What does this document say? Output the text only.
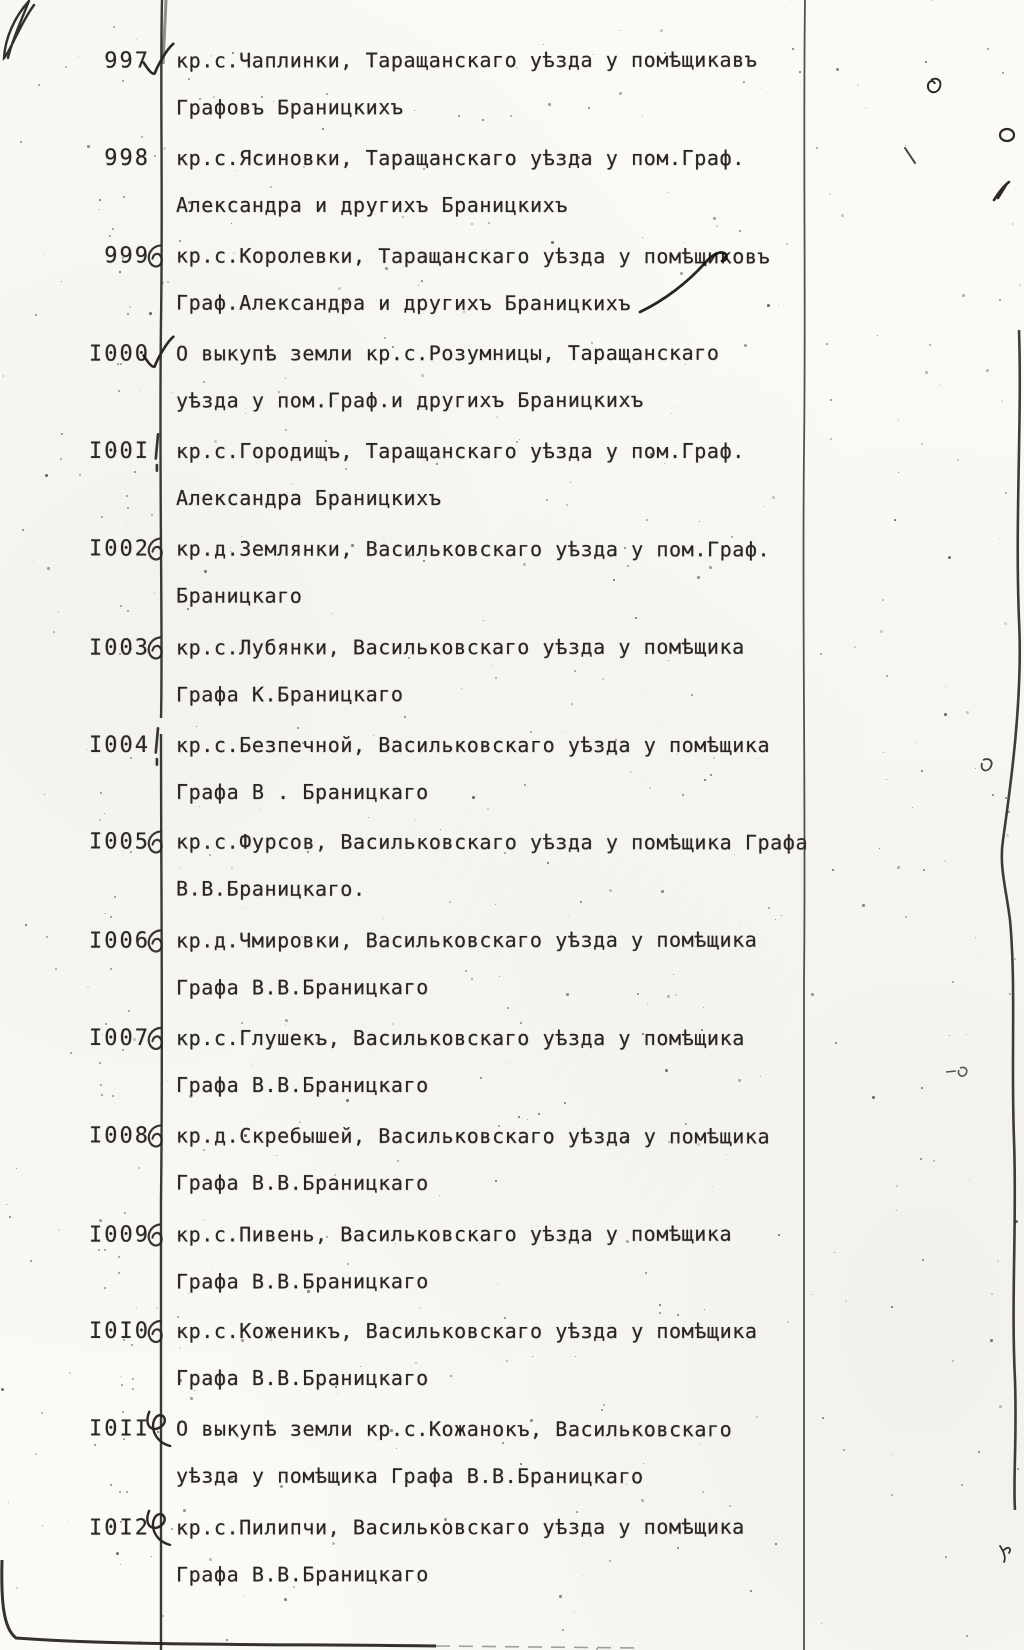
997 кр.с.Чаплинки, Таращанскаго уѣзда у помѣщикавъ
Графовъ Браницкихъ
998 кр.с.Ясиновки, Таращанскаго уѣзда у пом.Граф.
Александра и другихъ Браницкихъ
999 кр.с.Королевки, Таращанскаго уѣзда у помѣщиковъ
Граф.Александра и другихъ Браницкихъ
I000 О выкупѣ земли кр.с.Розумницы, Таращанскаго
уѣзда у пом.Граф.и другихъ Браницкихъ
I00I кр.с.Городищъ, Таращанскаго уѣзда у пом.Граф.
Александра Браницкихъ
I002 кр.д.Землянки, Васильковскаго уѣзда у пом.Граф.
Браницкаго
I003 кр.с.Лубянки, Васильковскаго уѣзда у помѣщика
Графа К.Браницкаго
I004 кр.с.Безпечной, Васильковскаго уѣзда у помѣщика
Графа В . Браницкаго
I005 кр.с.Фурсов, Васильковскаго уѣзда у помѣщика Графа
В.В.Браницкаго.
I006 кр.д.Чмировки, Васильковскаго уѣзда у помѣщика
Графа В.В.Браницкаго
I007 кр.с.Глушекъ, Васильковскаго уѣзда у помѣщика
Графа В.В.Браницкаго
I008 кр.д.Скребышей, Васильковскаго уѣзда у помѣщика
Графа В.В.Браницкаго
I009 кр.с.Пивень, Васильковскаго уѣзда у помѣщика
Графа В.В.Браницкаго
I0I0 кр.с.Коженикъ, Васильковскаго уѣзда у помѣщика
Графа В.В.Браницкаго
I0II О выкупѣ земли кр.с.Кожанокъ, Васильковскаго
уѣзда у помѣщика Графа В.В.Браницкаго
I0I2 кр.с.Пилипчи, Васильковскаго уѣзда у помѣщика
Графа В.В.Браницкаго
